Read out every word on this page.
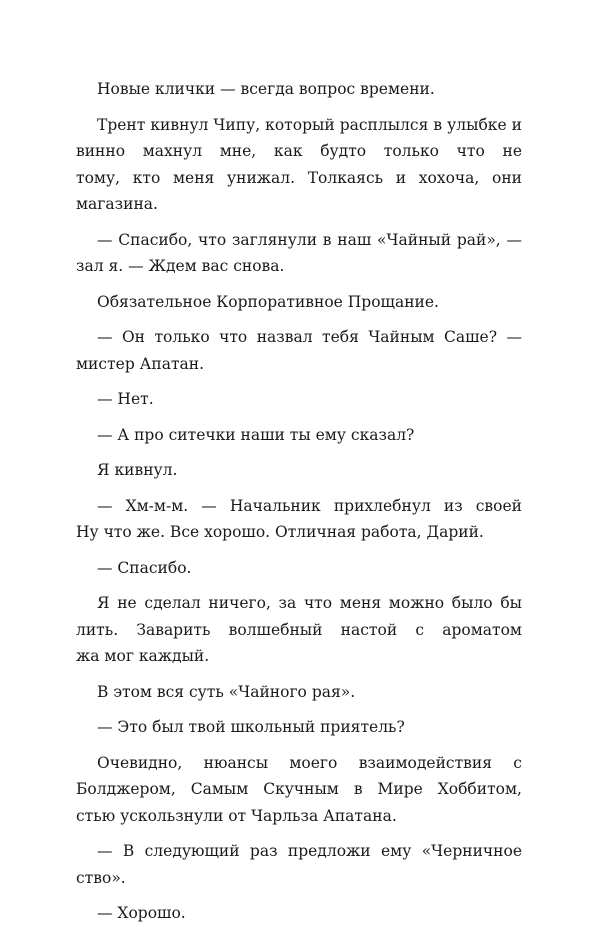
Новые клички — всегда вопрос времени.

Трент кивнул Чипу, который расплылся в улыбке и
винно махнул мне, как будто только что не
тому, кто меня унижал. Толкаясь и хохоча, они
магазина.

— Спасибо, что заглянули в наш «Чайный рай», —
зал я. — Ждем вас снова.

Обязательное Корпоративное Прощание.

— Он только что назвал тебя Чайным Саше? —
мистер Апатан.

— Нет.

— А про ситечки наши ты ему сказал?

Я кивнул.

— Хм-м-м. — Начальник прихлебнул из своей
Ну что же. Все хорошо. Отличная работа, Дарий.

— Спасибо.

Я не сделал ничего, за что меня можно было бы
лить. Заварить волшебный настой с ароматом
жа мог каждый.

В этом вся суть «Чайного рая».

— Это был твой школьный приятель?

Очевидно, нюансы моего взаимодействия с
Болджером, Самым Скучным в Мире Хоббитом,
стью ускользнули от Чарльза Апатана.

— В следующий раз предложи ему «Черничное
ство».

— Хорошо.
